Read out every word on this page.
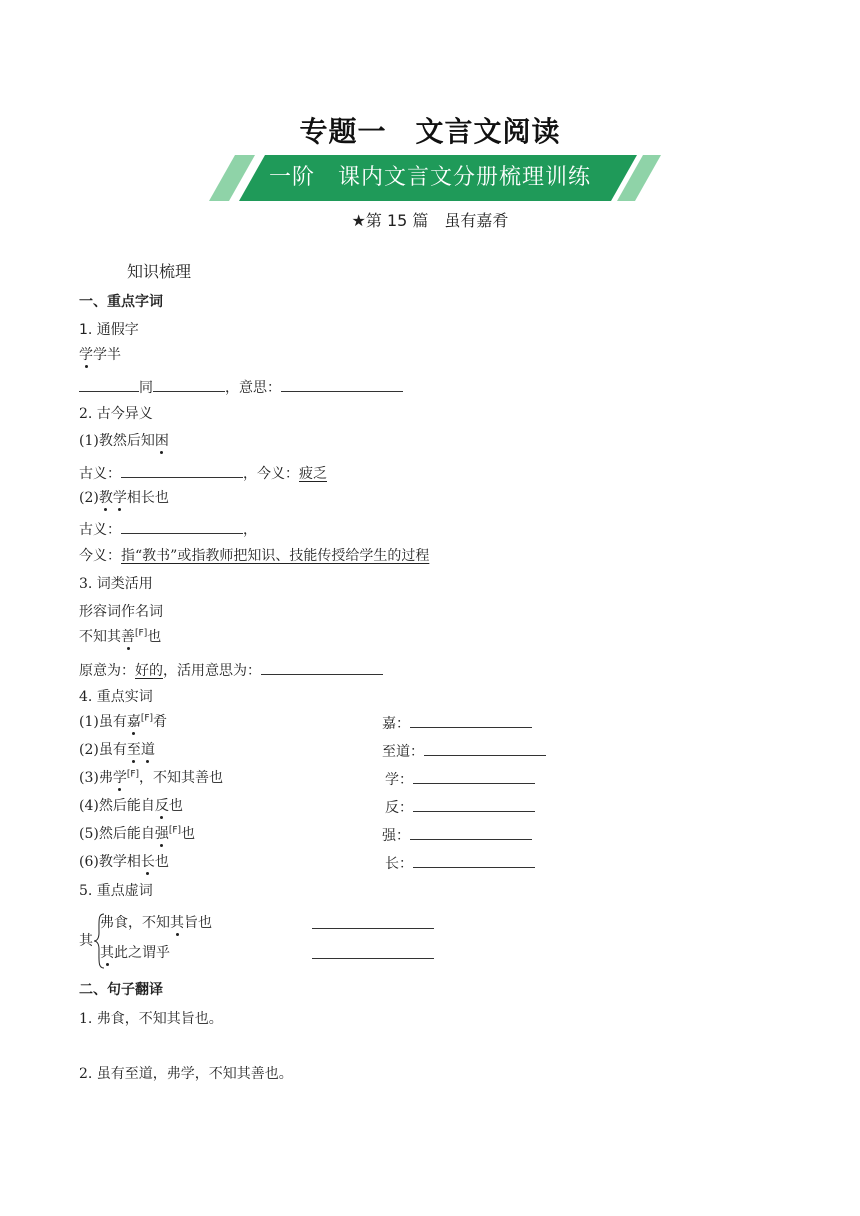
专题一　文言文阅读
一阶　课内文言文分册梳理训练
★第 15 篇　虽有嘉肴
知识梳理
一、重点字词
1. 通假字
学学半
同	，意思：
2. 古今异义
(1)教然后知困
古义：	，今义：疲乏
(2)教学相长也
古义：	，
今义：指“教书”或指教师把知识、技能传授给学生的过程
3. 词类活用
形容词作名词
不知其善[F]也
原意为：好的，活用意思为：
4. 重点实词
(1)虽有嘉[F]肴	嘉：
(2)虽有至道	至道：
(3)弗学[F]，不知其善也	学：
(4)然后能自反也	反：
(5)然后能自强[F]也	强：
(6)教学相长也	长：
5. 重点虚词
其
弗食，不知其旨也
其此之谓乎
二、句子翻译
1. 弗食，不知其旨也。
2. 虽有至道，弗学，不知其善也。
